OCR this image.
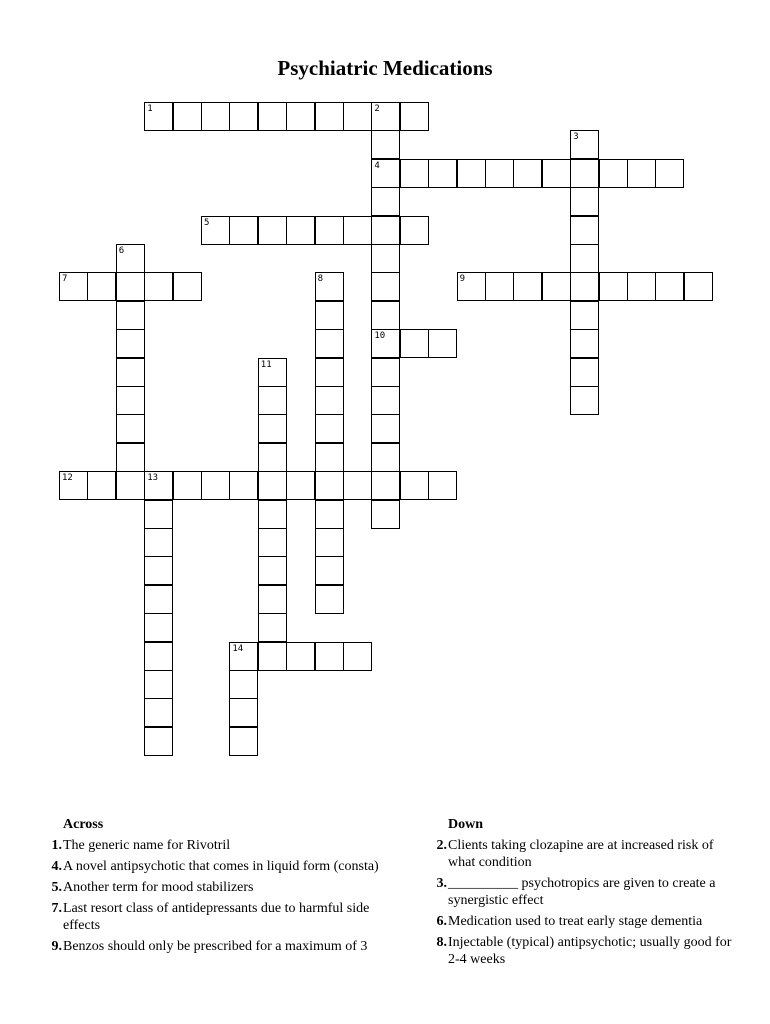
Psychiatric Medications
1	2
4
10
3
5
6
7	8	9
11
12	13
14
Across
1. The generic name for Rivotril
4. A novel antipsychotic that comes in liquid form (consta)
5. Another term for mood stabilizers
7. Last resort class of antidepressants due to harmful side effects
9. Benzos should only be prescribed for a maximum of 3
Down
2. Clients taking clozapine are at increased risk of what condition
3. __________ psychotropics are given to create a synergistic effect
6. Medication used to treat early stage dementia
8. Injectable (typical) antipsychotic; usually good for 2-4 weeks
